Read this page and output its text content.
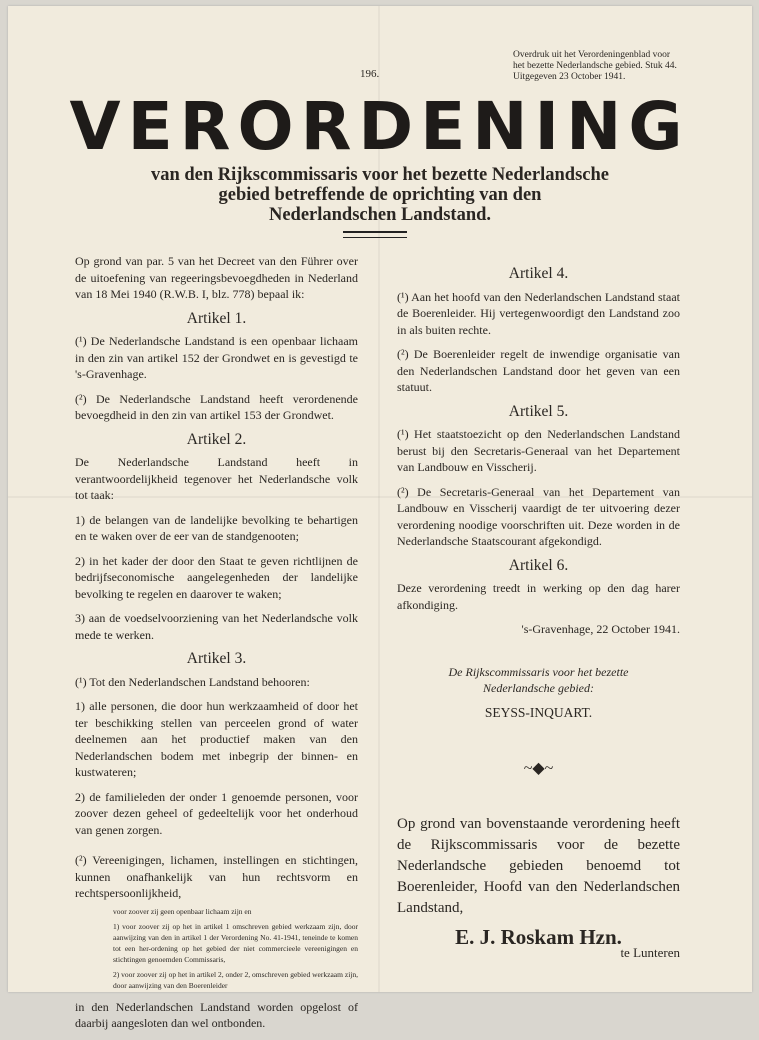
196.
Overdruk uit het Verordeningenblad voor
het bezette Nederlandsche gebied. Stuk 44.
Uitgegeven 23 October 1941.
VERORDENING
van den Rijkscommissaris voor het bezette Nederlandsche
gebied betreffende de oprichting van den
Nederlandschen Landstand.

Op grond van par. 5 van het Decreet van den Führer over de uitoefening van regeeringsbevoegdheden in Nederland van 18 Mei 1940 (R.W.B. I, blz. 778) bepaal ik:

Artikel 1.

(¹) De Nederlandsche Landstand is een openbaar lichaam in den zin van artikel 152 der Grondwet en is gevestigd te 's-Gravenhage.

(²) De Nederlandsche Landstand heeft verordenende bevoegdheid in den zin van artikel 153 der Grondwet.

Artikel 2.

De Nederlandsche Landstand heeft in verantwoordelijkheid tegenover het Nederlandsche volk tot taak:

1) de belangen van de landelijke bevolking te behartigen en te waken over de eer van de standgenooten;

2) in het kader der door den Staat te geven richtlijnen de bedrijfseconomische aangelegenheden der landelijke bevolking te regelen en daarover te waken;

3) aan de voedselvoorziening van het Nederlandsche volk mede te werken.

Artikel 3.

(¹) Tot den Nederlandschen Landstand behooren:

1) alle personen, die door hun werkzaamheid of door het ter beschikking stellen van perceelen grond of water deelnemen aan het productief maken van den Nederlandschen bodem met inbegrip der binnen- en kustwateren;

2) de familieleden der onder 1 genoemde personen, voor zoover dezen geheel of gedeeltelijk voor het onderhoud van genen zorgen.

(²) Vereenigingen, lichamen, instellingen en stichtingen, kunnen onafhankelijk van hun rechtsvorm en rechtspersoonlijkheid,

voor zoover zij geen openbaar lichaam zijn en

1) voor zoover zij op het in artikel 1 omschreven gebied werkzaam zijn, door aanwijzing van den in artikel 1 der Verordening No. 41-1941, teneinde te komen tot een her-ordening op het gebied der niet commercieele vereenigingen en stichtingen genoemden Commissaris,

2) voor zoover zij op het in artikel 2, onder 2, omschreven gebied werkzaam zijn, door aanwijzing van den Boerenleider

in den Nederlandschen Landstand worden opgelost of daarbij aangesloten dan wel ontbonden.

Artikel 4.

(¹) Aan het hoofd van den Nederlandschen Landstand staat de Boerenleider. Hij vertegenwoordigt den Landstand zoo in als buiten rechte.

(²) De Boerenleider regelt de inwendige organisatie van den Nederlandschen Landstand door het geven van een statuut.

Artikel 5.

(¹) Het staatstoezicht op den Nederlandschen Landstand berust bij den Secretaris-Generaal van het Departement van Landbouw en Visscherij.

(²) De Secretaris-Generaal van het Departement van Landbouw en Visscherij vaardigt de ter uitvoering dezer verordening noodige voorschriften uit. Deze worden in de Nederlandsche Staatscourant afgekondigd.

Artikel 6.

Deze verordening treedt in werking op den dag harer afkondiging.

's-Gravenhage, 22 October 1941.

De Rijkscommissaris voor het bezette
Nederlandsche gebied:

SEYSS-INQUART.

~◆~

Op grond van bovenstaande verordening heeft de Rijkscommissaris voor de bezette Nederlandsche gebieden benoemd tot Boerenleider, Hoofd van den Nederlandschen Landstand,

E. J. Roskam Hzn.

te Lunteren
